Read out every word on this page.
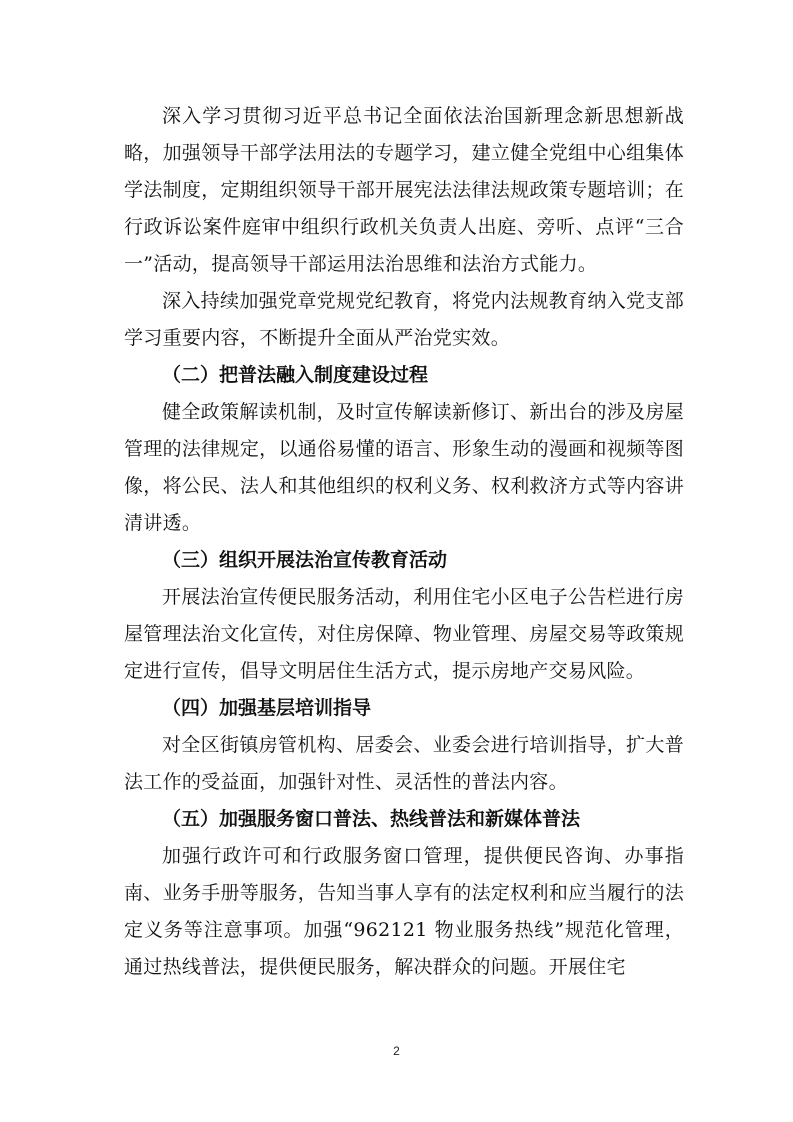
深入学习贯彻习近平总书记全面依法治国新理念新思想新战略，加强领导干部学法用法的专题学习，建立健全党组中心组集体学法制度，定期组织领导干部开展宪法法律法规政策专题培训；在行政诉讼案件庭审中组织行政机关负责人出庭、旁听、点评“三合一”活动，提高领导干部运用法治思维和法治方式能力。

深入持续加强党章党规党纪教育，将党内法规教育纳入党支部学习重要内容，不断提升全面从严治党实效。

（二）把普法融入制度建设过程

健全政策解读机制，及时宣传解读新修订、新出台的涉及房屋管理的法律规定，以通俗易懂的语言、形象生动的漫画和视频等图像，将公民、法人和其他组织的权利义务、权利救济方式等内容讲清讲透。

（三）组织开展法治宣传教育活动

开展法治宣传便民服务活动，利用住宅小区电子公告栏进行房屋管理法治文化宣传，对住房保障、物业管理、房屋交易等政策规定进行宣传，倡导文明居住生活方式，提示房地产交易风险。

（四）加强基层培训指导

对全区街镇房管机构、居委会、业委会进行培训指导，扩大普法工作的受益面，加强针对性、灵活性的普法内容。

（五）加强服务窗口普法、热线普法和新媒体普法

加强行政许可和行政服务窗口管理，提供便民咨询、办事指南、业务手册等服务，告知当事人享有的法定权利和应当履行的法定义务等注意事项。加强“962121 物业服务热线”规范化管理，通过热线普法，提供便民服务，解决群众的问题。开展住宅

2
